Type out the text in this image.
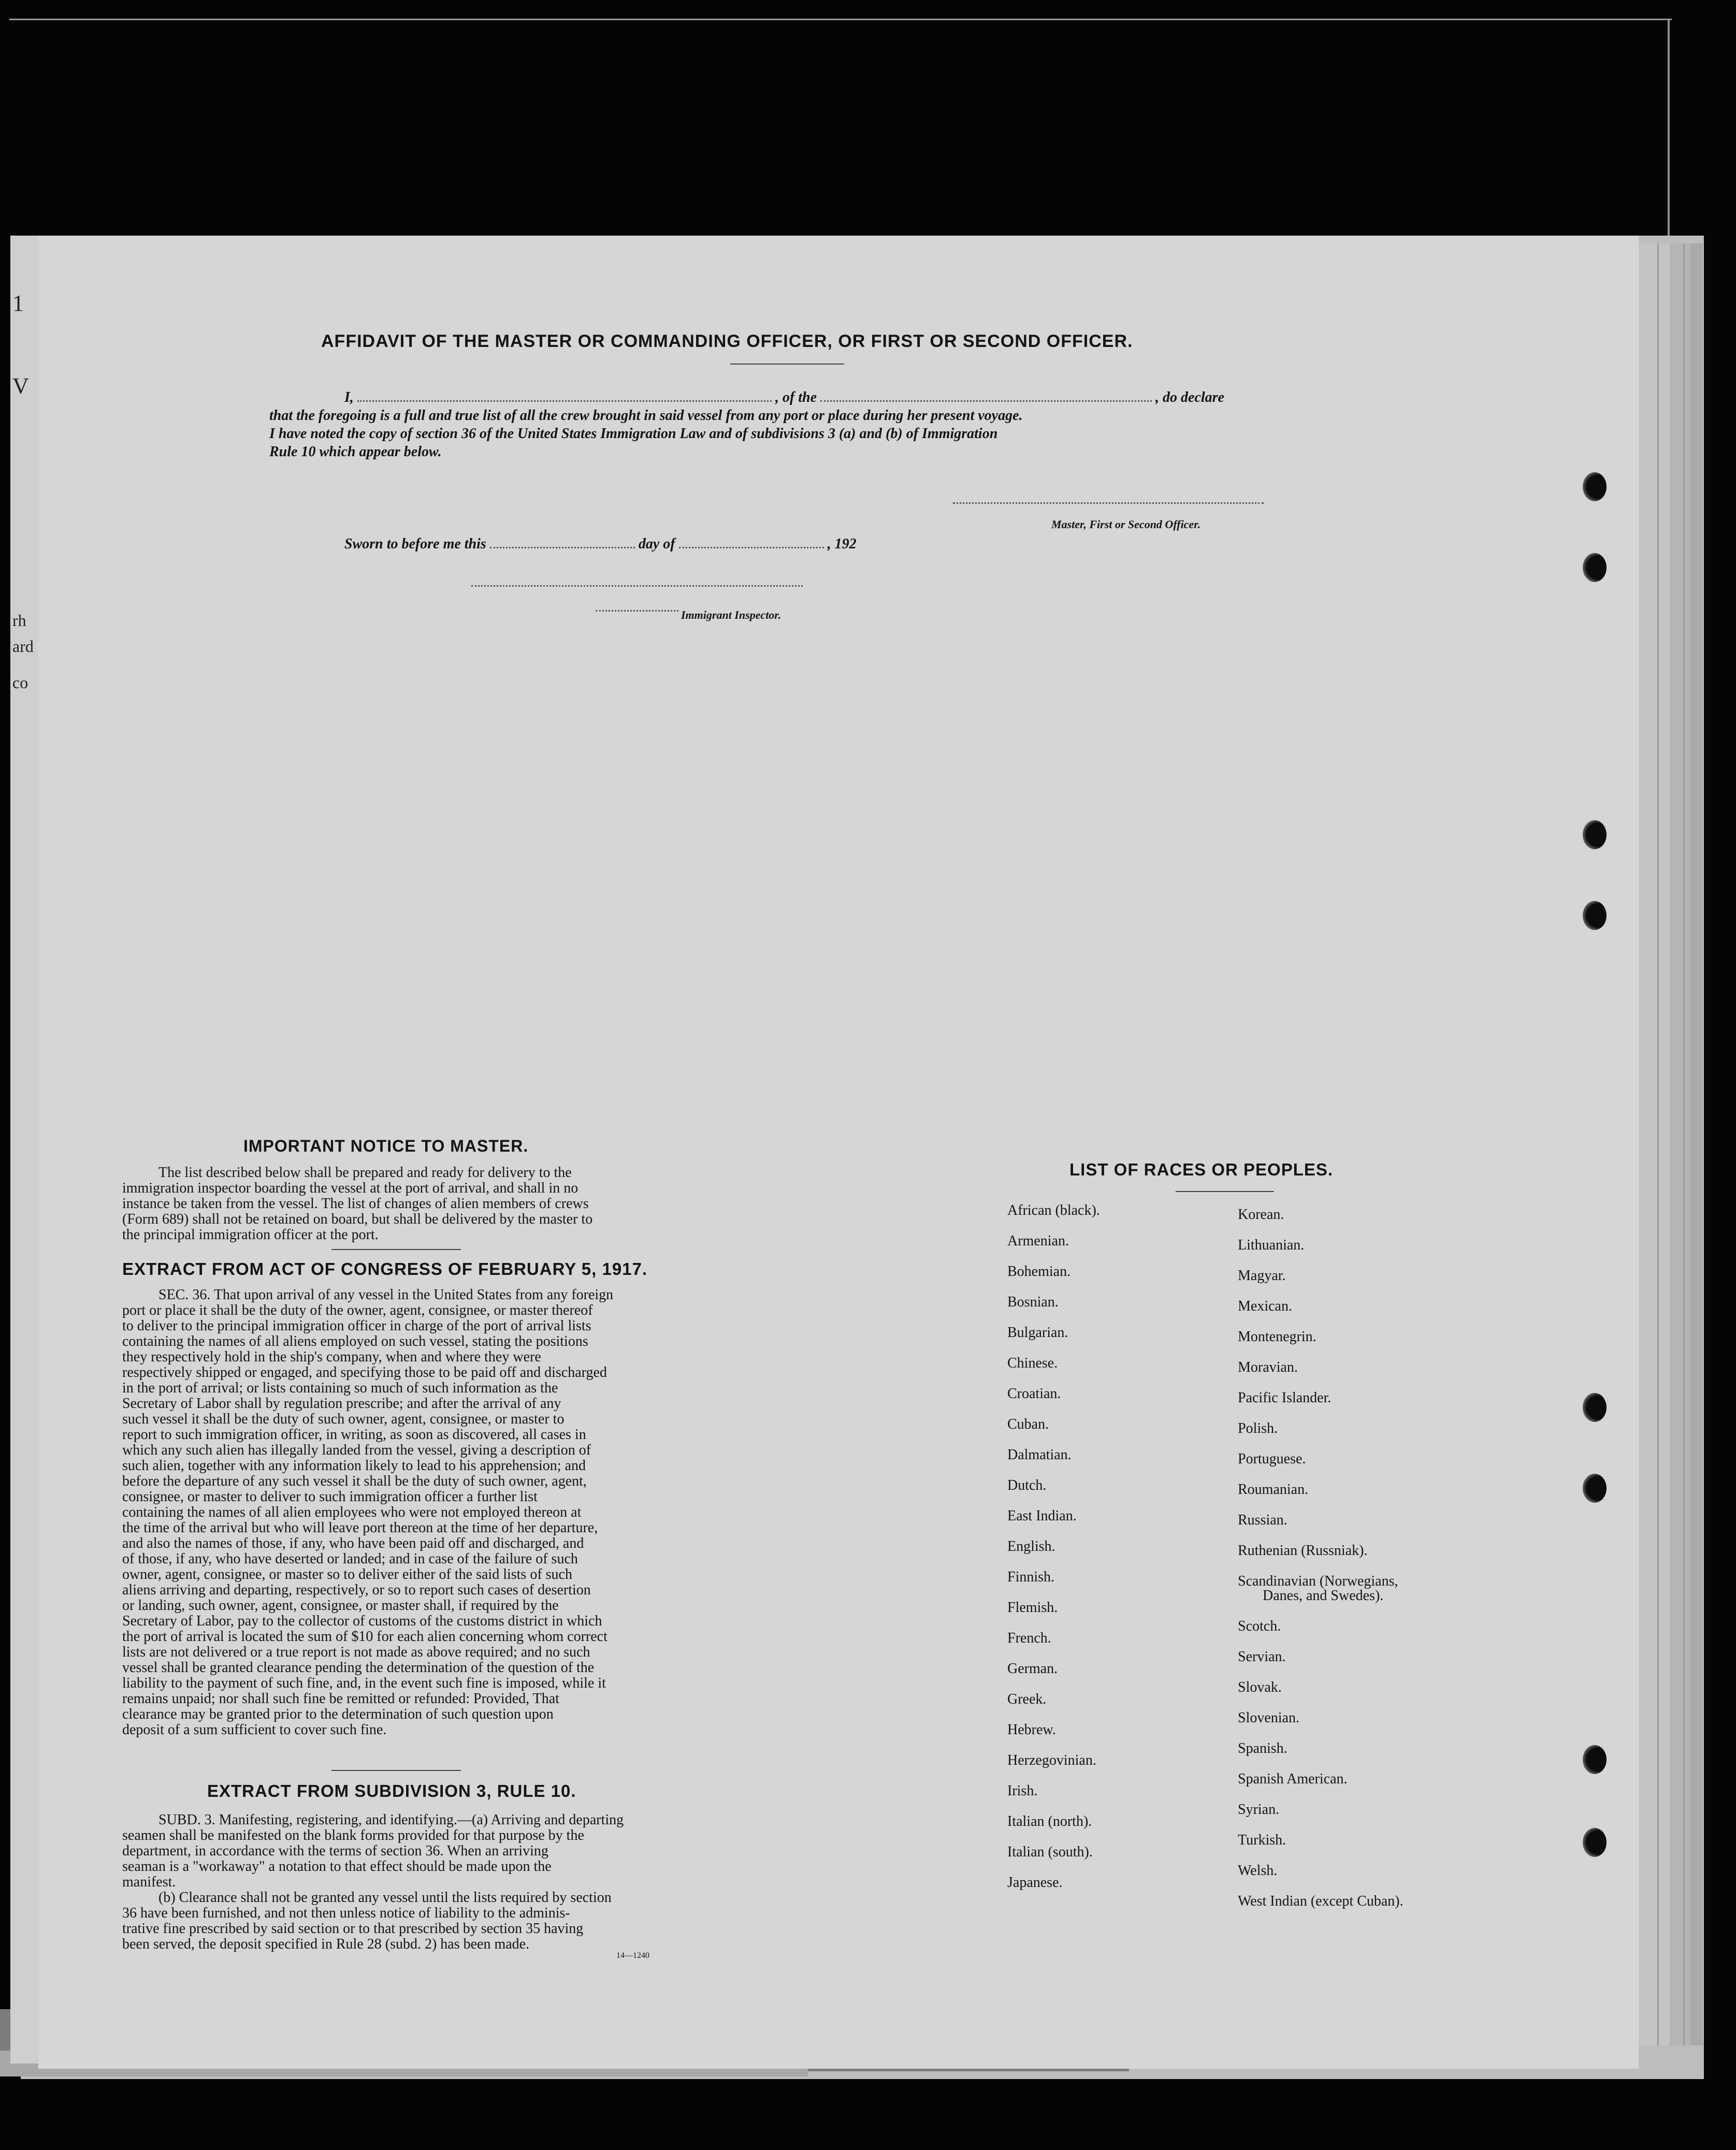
1
V
rh
ard
co
AFFIDAVIT OF THE MASTER OR COMMANDING OFFICER, OR FIRST OR SECOND OFFICER.
I,	, of the	, do declare
that the foregoing is a full and true list of all the crew brought in said vessel from any port or place during her present voyage.
I have noted the copy of section 36 of the United States Immigration Law and of subdivisions 3 (a) and (b) of Immigration
Rule 10 which appear below.
Master, First or Second Officer.
Sworn to before me this	day of	, 192
Immigrant Inspector.
IMPORTANT NOTICE TO MASTER.
The list described below shall be prepared and ready for delivery to the
immigration inspector boarding the vessel at the port of arrival, and shall in no
instance be taken from the vessel. The list of changes of alien members of crews
(Form 689) shall not be retained on board, but shall be delivered by the master to
the principal immigration officer at the port.
EXTRACT FROM ACT OF CONGRESS OF FEBRUARY 5, 1917.
SEC. 36. That upon arrival of any vessel in the United States from any foreign
port or place it shall be the duty of the owner, agent, consignee, or master thereof
to deliver to the principal immigration officer in charge of the port of arrival lists
containing the names of all aliens employed on such vessel, stating the positions
they respectively hold in the ship's company, when and where they were
respectively shipped or engaged, and specifying those to be paid off and discharged
in the port of arrival; or lists containing so much of such information as the
Secretary of Labor shall by regulation prescribe; and after the arrival of any
such vessel it shall be the duty of such owner, agent, consignee, or master to
report to such immigration officer, in writing, as soon as discovered, all cases in
which any such alien has illegally landed from the vessel, giving a description of
such alien, together with any information likely to lead to his apprehension; and
before the departure of any such vessel it shall be the duty of such owner, agent,
consignee, or master to deliver to such immigration officer a further list
containing the names of all alien employees who were not employed thereon at
the time of the arrival but who will leave port thereon at the time of her departure,
and also the names of those, if any, who have been paid off and discharged, and
of those, if any, who have deserted or landed; and in case of the failure of such
owner, agent, consignee, or master so to deliver either of the said lists of such
aliens arriving and departing, respectively, or so to report such cases of desertion
or landing, such owner, agent, consignee, or master shall, if required by the
Secretary of Labor, pay to the collector of customs of the customs district in which
the port of arrival is located the sum of $10 for each alien concerning whom correct
lists are not delivered or a true report is not made as above required; and no such
vessel shall be granted clearance pending the determination of the question of the
liability to the payment of such fine, and, in the event such fine is imposed, while it
remains unpaid; nor shall such fine be remitted or refunded: Provided, That
clearance may be granted prior to the determination of such question upon
deposit of a sum sufficient to cover such fine.
EXTRACT FROM SUBDIVISION 3, RULE 10.
SUBD. 3. Manifesting, registering, and identifying.—(a) Arriving and departing
seamen shall be manifested on the blank forms provided for that purpose by the
department, in accordance with the terms of section 36. When an arriving
seaman is a "workaway" a notation to that effect should be made upon the
manifest.
(b) Clearance shall not be granted any vessel until the lists required by section
36 have been furnished, and not then unless notice of liability to the adminis-
trative fine prescribed by said section or to that prescribed by section 35 having
been served, the deposit specified in Rule 28 (subd. 2) has been made.
14—1240
LIST OF RACES OR PEOPLES.
African (black).
Armenian.
Bohemian.
Bosnian.
Bulgarian.
Chinese.
Croatian.
Cuban.
Dalmatian.
Dutch.
East Indian.
English.
Finnish.
Flemish.
French.
German.
Greek.
Hebrew.
Herzegovinian.
Irish.
Italian (north).
Italian (south).
Japanese.
Korean.
Lithuanian.
Magyar.
Mexican.
Montenegrin.
Moravian.
Pacific Islander.
Polish.
Portuguese.
Roumanian.
Russian.
Ruthenian (Russniak).
Scandinavian (Norwegians,
Danes, and Swedes).
Scotch.
Servian.
Slovak.
Slovenian.
Spanish.
Spanish American.
Syrian.
Turkish.
Welsh.
West Indian (except Cuban).
